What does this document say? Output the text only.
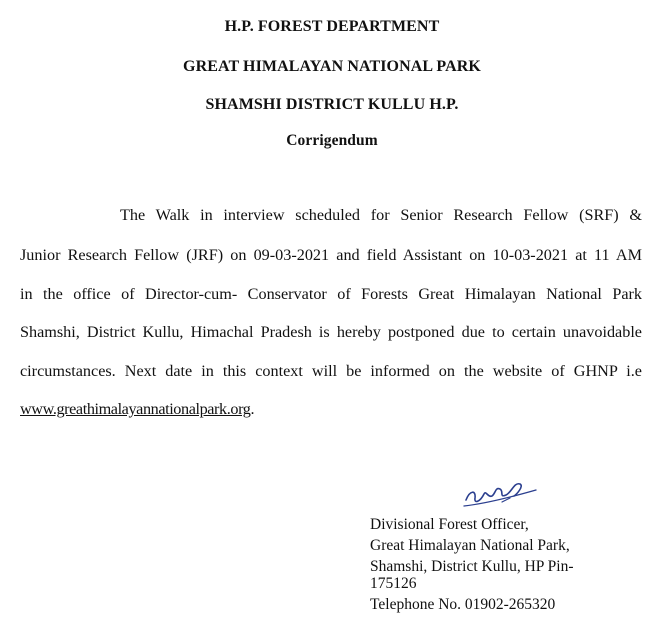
H.P. FOREST DEPARTMENT
GREAT HIMALAYAN NATIONAL PARK
SHAMSHI DISTRICT KULLU H.P.
Corrigendum
The Walk in interview scheduled for Senior Research Fellow (SRF) &
Junior Research Fellow (JRF) on 09-03-2021 and field Assistant on 10-03-2021 at 11 AM
in the office of Director-cum- Conservator of Forests Great Himalayan National Park
Shamshi, District Kullu, Himachal Pradesh is hereby postponed due to certain unavoidable
circumstances. Next date in this context will be informed on the website of GHNP i.e
www.greathimalayannationalpark.org.
Divisional Forest Officer,
Great Himalayan National Park,
Shamshi, District Kullu, HP Pin-
175126
Telephone No. 01902-265320
